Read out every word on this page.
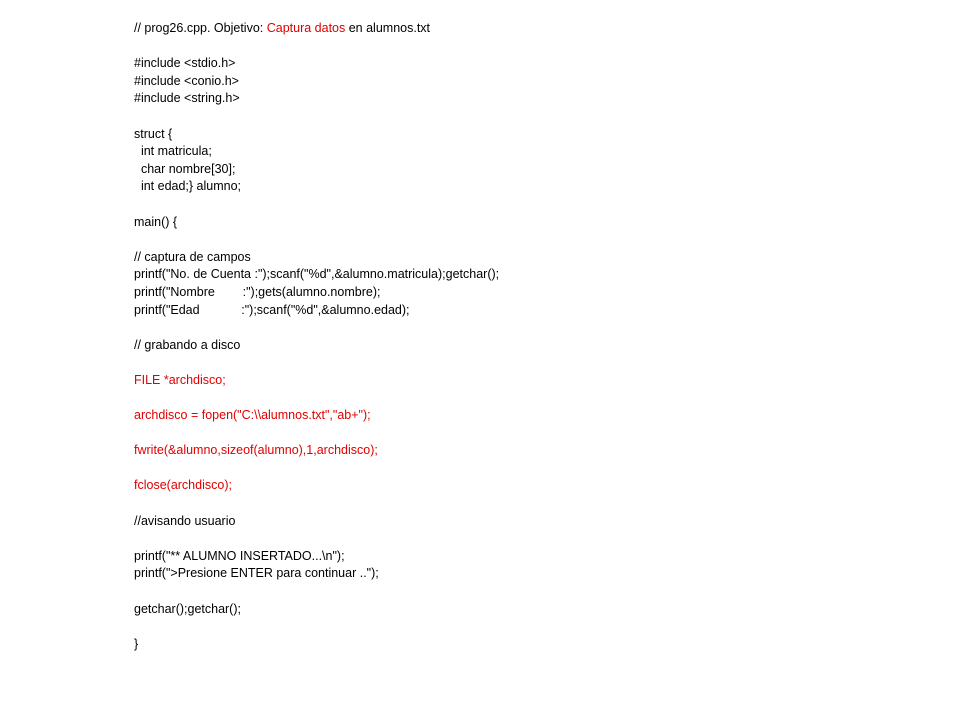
// prog26.cpp. Objetivo: Captura datos en alumnos.txt
#include <stdio.h>
#include <conio.h>
#include <string.h>
struct {
int matricula;
char nombre[30];
int edad;} alumno;
main() {
// captura de campos
printf("No. de Cuenta :");scanf("%d",&alumno.matricula);getchar();
printf("Nombre        :");gets(alumno.nombre);
printf("Edad            :");scanf("%d",&alumno.edad);
// grabando a disco
FILE *archdisco;
archdisco = fopen("C:\\alumnos.txt","ab+");
fwrite(&alumno,sizeof(alumno),1,archdisco);
fclose(archdisco);
//avisando usuario
printf("** ALUMNO INSERTADO...\n");
printf(">Presione ENTER para continuar ..");
getchar();getchar();
}
